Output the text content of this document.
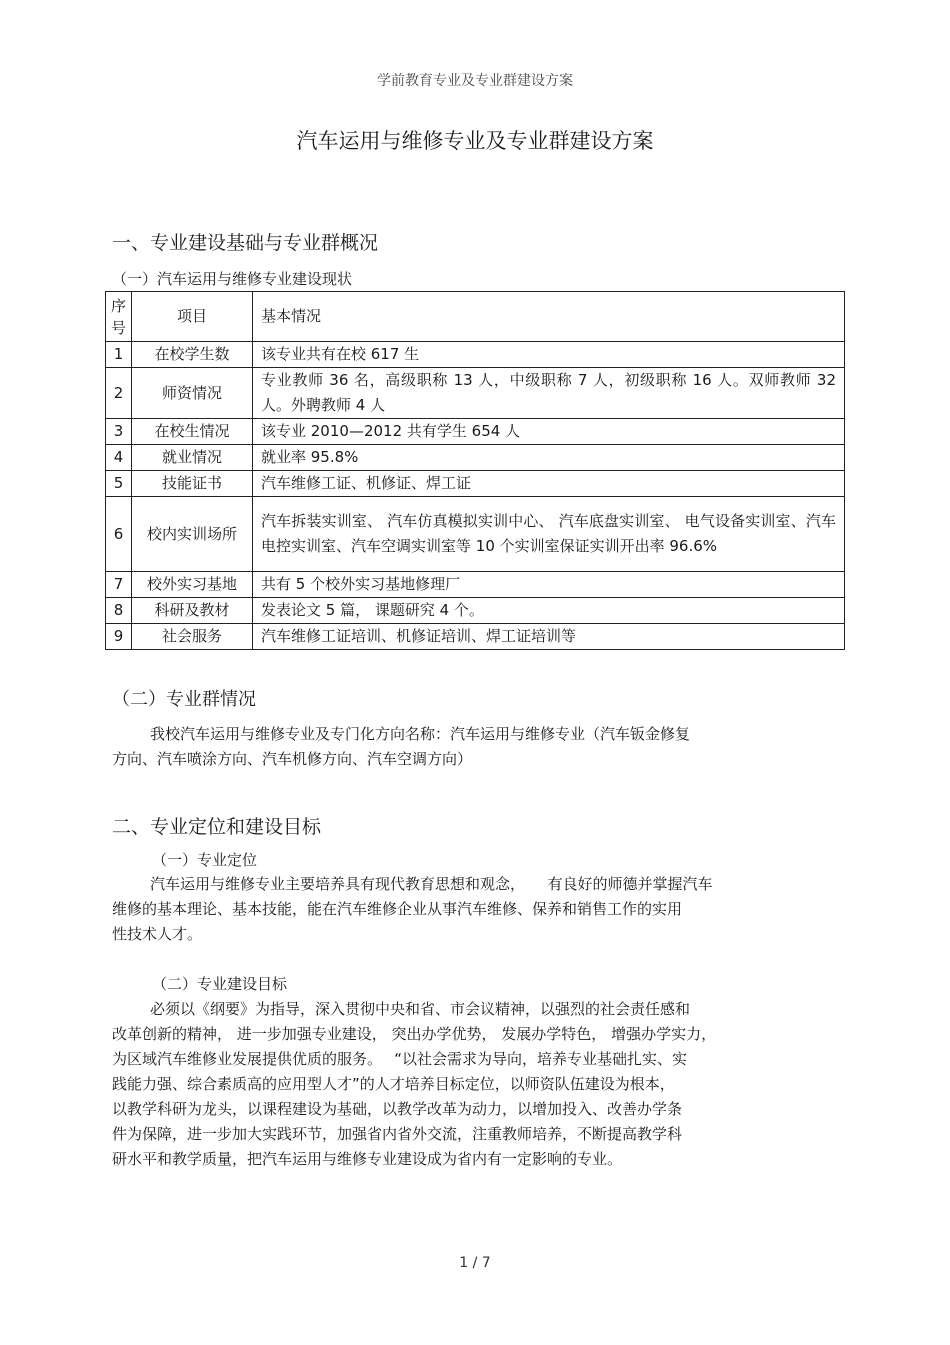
学前教育专业及专业群建设方案
汽车运用与维修专业及专业群建设方案
一、专业建设基础与专业群概况
（一）汽车运用与维修专业建设现状
序号	项目	基本情况
1	在校学生数	该专业共有在校 617 生
2	师资情况	专业教师 36 名，高级职称 13 人，中级职称 7 人，初级职称 16 人。双师教师 32 人。外聘教师 4 人
3	在校生情况	该专业 2010—2012 共有学生 654 人
4	就业情况	就业率 95.8%
5	技能证书	汽车维修工证、机修证、焊工证
6	校内实训场所	汽车拆装实训室、 汽车仿真模拟实训中心、 汽车底盘实训室、 电气设备实训室、汽车电控实训室、汽车空调实训室等 10 个实训室保证实训开出率 96.6%
7	校外实习基地	共有 5 个校外实习基地修理厂
8	科研及教材	发表论文 5 篇， 课题研究 4 个。
9	社会服务	汽车维修工证培训、机修证培训、焊工证培训等
（二）专业群情况
我校汽车运用与维修专业及专门化方向名称：汽车运用与维修专业（汽车钣金修复
方向、汽车喷涂方向、汽车机修方向、汽车空调方向）
二、专业定位和建设目标
（一）专业定位
汽车运用与维修专业主要培养具有现代教育思想和观念，　　有良好的师德并掌握汽车
维修的基本理论、基本技能，能在汽车维修企业从事汽车维修、保养和销售工作的实用
性技术人才。
（二）专业建设目标
必须以《纲要》为指导，深入贯彻中央和省、市会议精神，以强烈的社会责任感和
改革创新的精神， 进一步加强专业建设， 突出办学优势， 发展办学特色， 增强办学实力，
为区域汽车维修业发展提供优质的服务。　 “以社会需求为导向，培养专业基础扎实、实
践能力强、综合素质高的应用型人才”的人才培养目标定位，以师资队伍建设为根本，
以教学科研为龙头，以课程建设为基础，以教学改革为动力，以增加投入、改善办学条
件为保障，进一步加大实践环节，加强省内省外交流，注重教师培养，不断提高教学科
研水平和教学质量，把汽车运用与维修专业建设成为省内有一定影响的专业。
1 / 7
